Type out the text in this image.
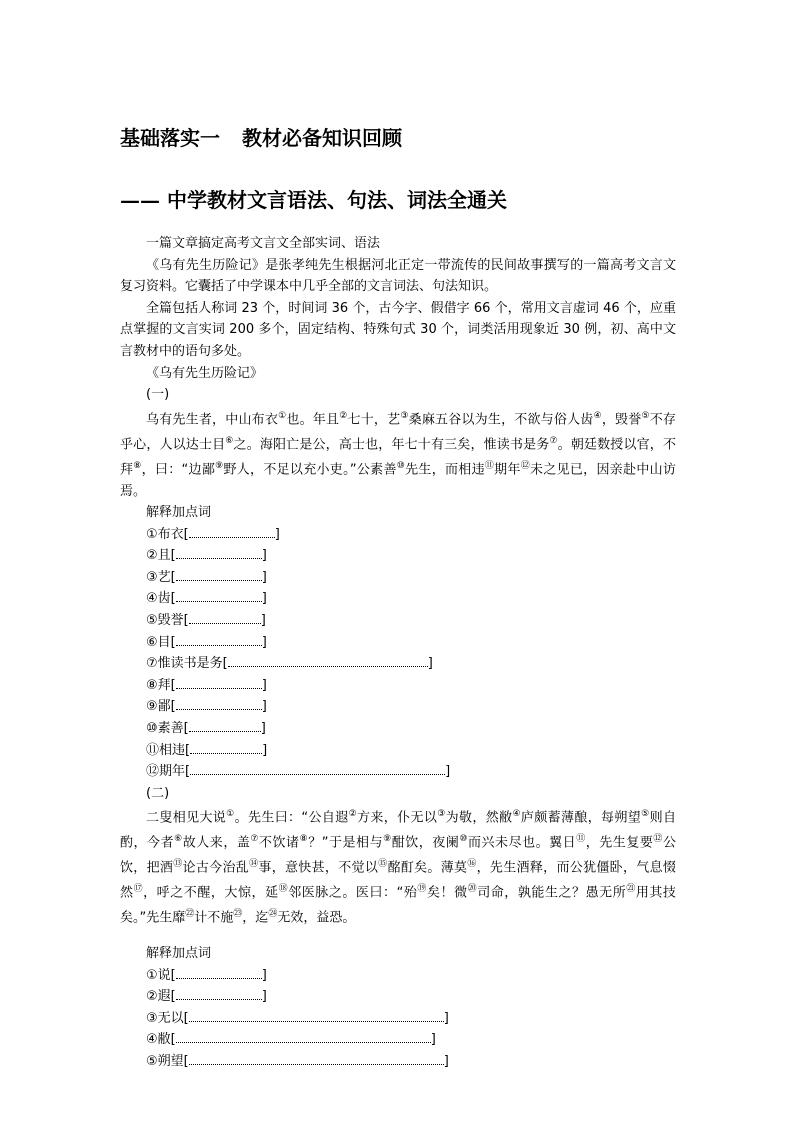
基础落实一 教材必备知识回顾
—— 中学教材文言语法、句法、词法全通关

一篇文章搞定高考文言文全部实词、语法

《乌有先生历险记》是张孝纯先生根据河北正定一带流传的民间故事撰写的一篇高考文言文复习资料。它囊括了中学课本中几乎全部的文言词法、句法知识。

全篇包括人称词 23 个，时间词 36 个，古今字、假借字 66 个，常用文言虚词 46 个，应重点掌握的文言实词 200 多个，固定结构、特殊句式 30 个，词类活用现象近 30 例，初、高中文言教材中的语句多处。

《乌有先生历险记》

(一)

乌有先生者，中山布衣①也。年且②七十，艺③桑麻五谷以为生，不欲与俗人齿④，毁誉⑤不存乎心，人以达士目⑥之。海阳亡是公，高士也，年七十有三矣，惟读书是务⑦。朝廷数授以官，不拜⑧，曰：“边鄙⑨野人，不足以充小吏。”公素善⑩先生，而相违⑪期年⑫未之见已，因亲赴中山访焉。

解释加点词

①布衣[	]
②且[	]
③艺[	]
④齿[	]
⑤毁誉[	]
⑥目[	]
⑦惟读书是务[	]
⑧拜[	]
⑨鄙[	]
⑩素善[	]
⑪相违[	]
⑫期年[	]

(二)

二叟相见大说①。先生曰：“公自遐②方来，仆无以③为敬，然敝④庐颇蓄薄酿，每朔望⑤则自酌，今者⑥故人来，盖⑦不饮诸⑧？”于是相与⑨酣饮，夜阑⑩而兴未尽也。翼日⑪，先生复要⑫公饮，把酒⑬论古今治乱⑭事，意快甚，不觉以⑮酩酊矣。薄莫⑯，先生酒释，而公犹僵卧，气息惙然⑰，呼之不醒，大惊，延⑱邻医脉之。医曰：“殆⑲矣！微⑳司命，孰能生之？愚无所$^㉑$用其技矣。”先生靡$^㉒$计不施$^㉓$，迄$^㉔$无效，益恐。

解释加点词

①说[	]
②遐[	]
③无以[	]
④敝[	]
⑤朔望[	]
